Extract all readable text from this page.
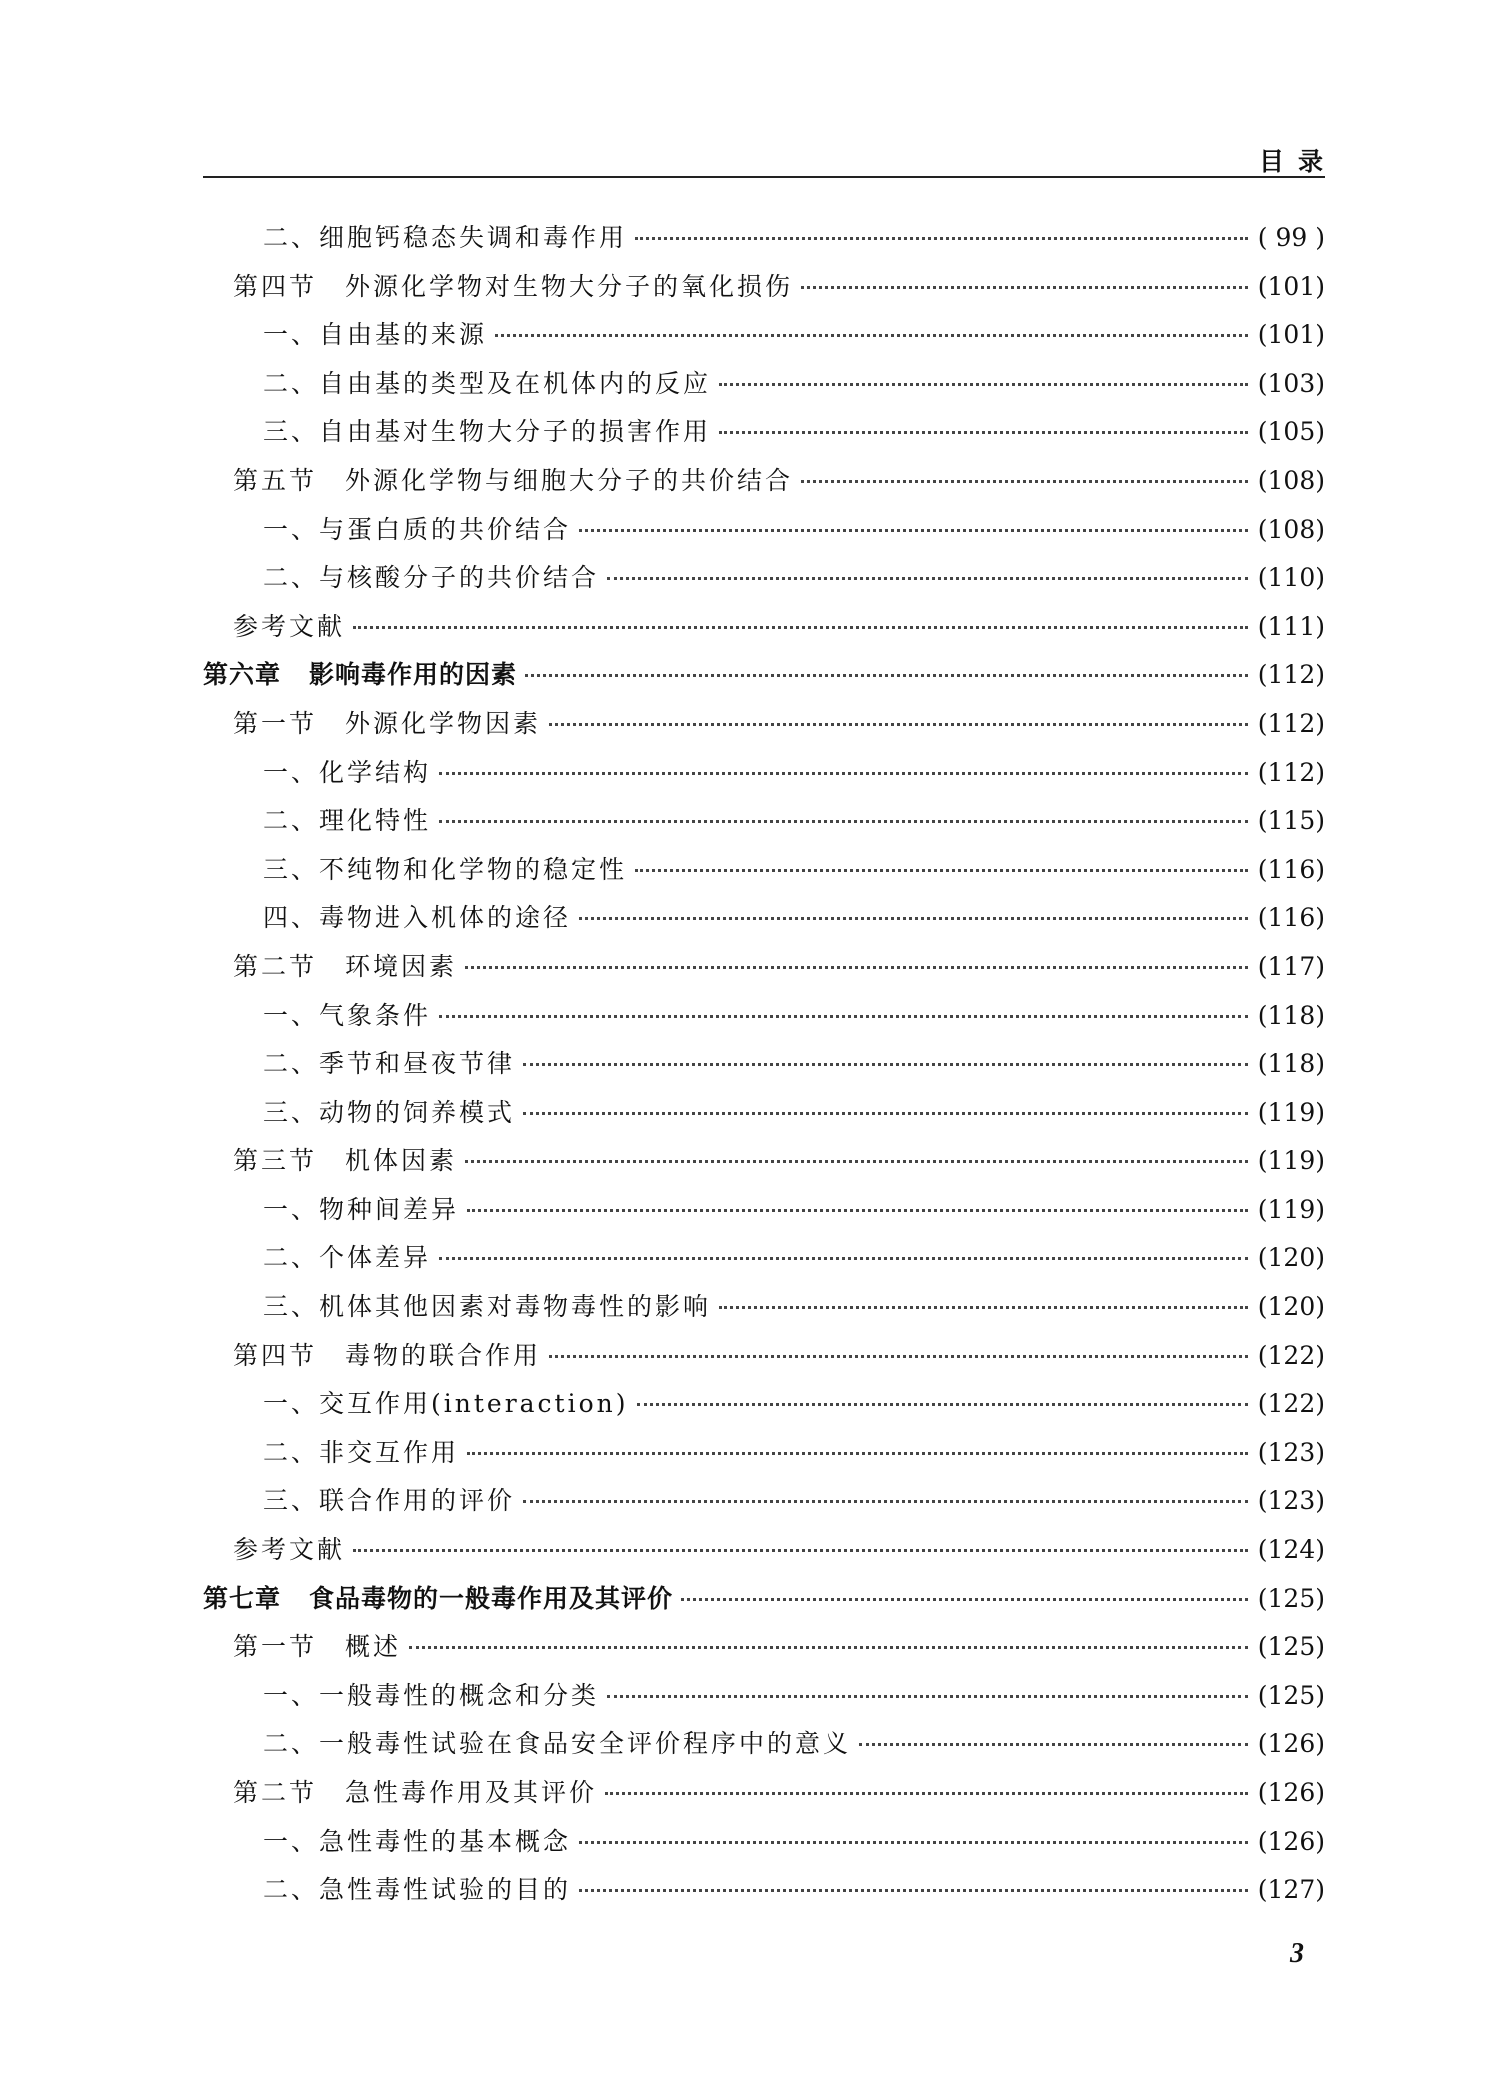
目录
二、细胞钙稳态失调和毒作用	( 99 )
第四节 外源化学物对生物大分子的氧化损伤	(101)
一、自由基的来源	(101)
二、自由基的类型及在机体内的反应	(103)
三、自由基对生物大分子的损害作用	(105)
第五节 外源化学物与细胞大分子的共价结合	(108)
一、与蛋白质的共价结合	(108)
二、与核酸分子的共价结合	(110)
参考文献	(111)
第六章 影响毒作用的因素	(112)
第一节 外源化学物因素	(112)
一、化学结构	(112)
二、理化特性	(115)
三、不纯物和化学物的稳定性	(116)
四、毒物进入机体的途径	(116)
第二节 环境因素	(117)
一、气象条件	(118)
二、季节和昼夜节律	(118)
三、动物的饲养模式	(119)
第三节 机体因素	(119)
一、物种间差异	(119)
二、个体差异	(120)
三、机体其他因素对毒物毒性的影响	(120)
第四节 毒物的联合作用	(122)
一、交互作用(interaction)	(122)
二、非交互作用	(123)
三、联合作用的评价	(123)
参考文献	(124)
第七章 食品毒物的一般毒作用及其评价	(125)
第一节 概述	(125)
一、一般毒性的概念和分类	(125)
二、一般毒性试验在食品安全评价程序中的意义	(126)
第二节 急性毒作用及其评价	(126)
一、急性毒性的基本概念	(126)
二、急性毒性试验的目的	(127)
3
